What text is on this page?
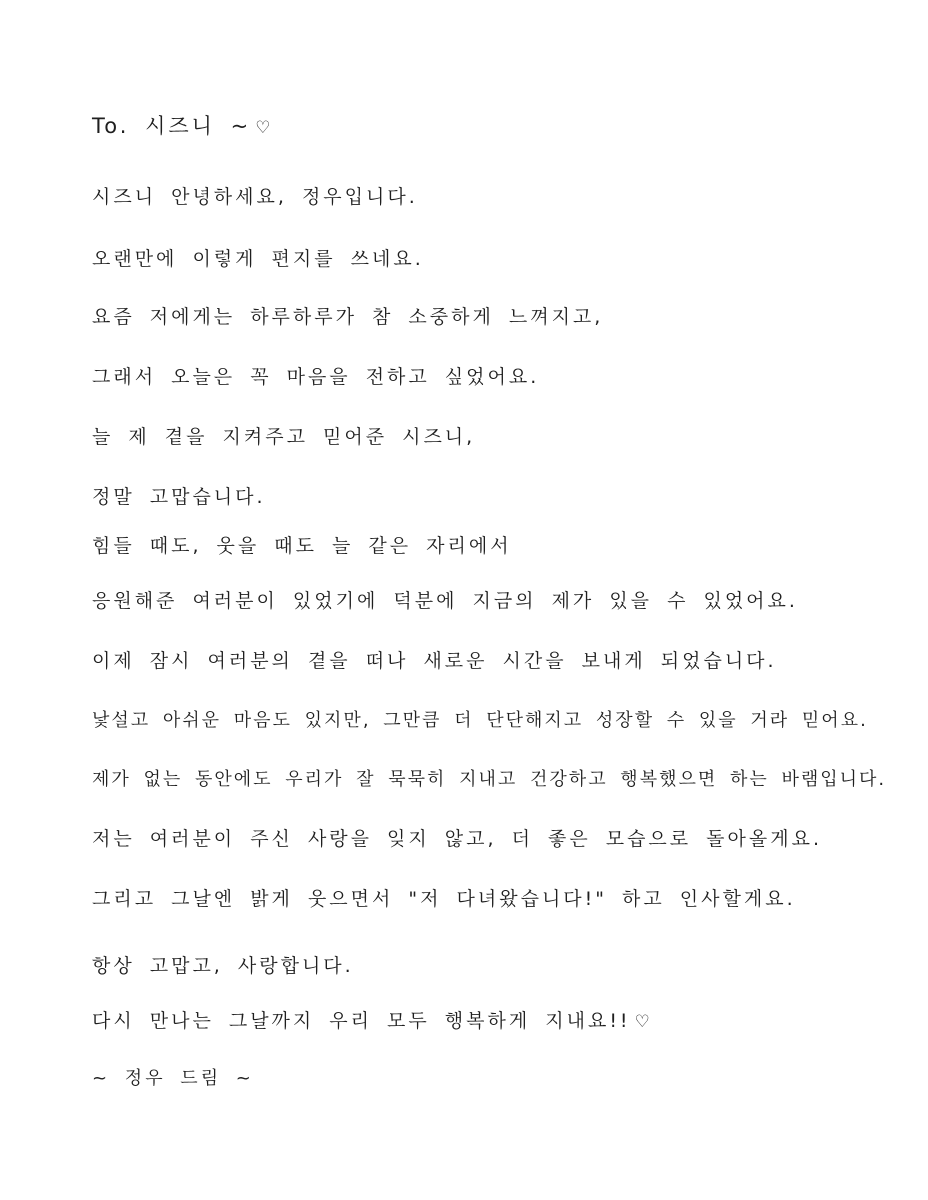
To. 시즈니 ~ ♡
시즈니 안녕하세요, 정우입니다.
오랜만에 이렇게 편지를 쓰네요.
요즘 저에게는 하루하루가 참 소중하게 느껴지고,
그래서 오늘은 꼭 마음을 전하고 싶었어요.
늘 제 곁을 지켜주고 믿어준 시즈니,
정말 고맙습니다.
힘들 때도, 웃을 때도 늘 같은 자리에서
응원해준 여러분이 있었기에 덕분에 지금의 제가 있을 수 있었어요.
이제 잠시 여러분의 곁을 떠나 새로운 시간을 보내게 되었습니다.
낯설고 아쉬운 마음도 있지만, 그만큼 더 단단해지고 성장할 수 있을 거라 믿어요.
제가 없는 동안에도 우리가 잘 묵묵히 지내고 건강하고 행복했으면 하는 바램입니다.
저는 여러분이 주신 사랑을 잊지 않고, 더 좋은 모습으로 돌아올게요.
그리고 그날엔 밝게 웃으면서 "저 다녀왔습니다!" 하고 인사할게요.
항상 고맙고, 사랑합니다.
다시 만나는 그날까지 우리 모두 행복하게 지내요!! ♡
~ 정우 드림 ~
